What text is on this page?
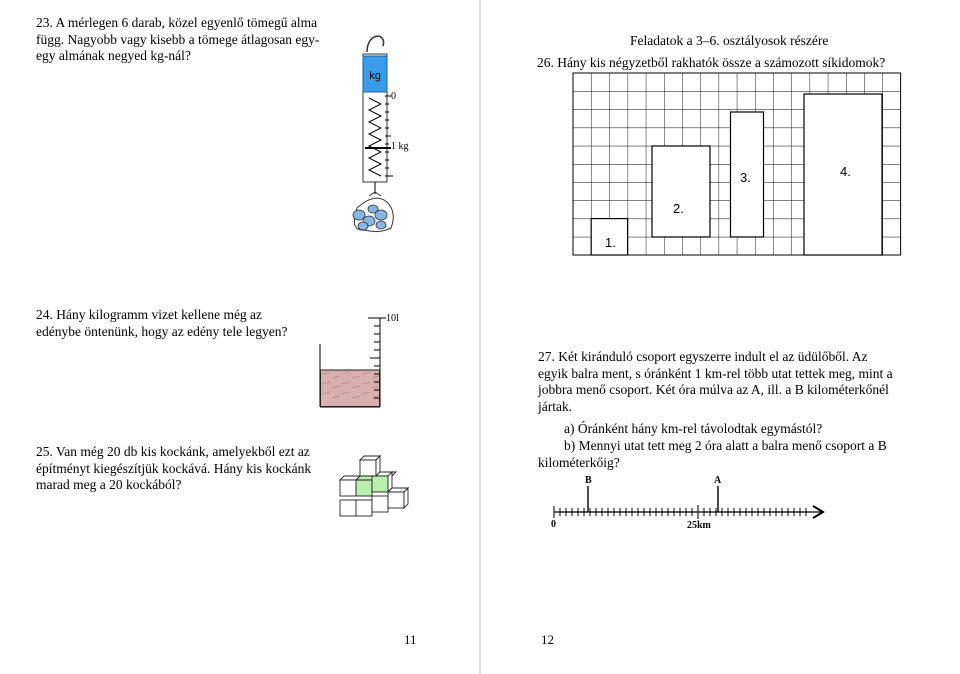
23. A mérlegen 6 darab, közel egyenlő tömegű alma
függ. Nagyobb vagy kisebb a tömege átlagosan egy-
egy almának negyed kg-nál?
kg
0
1 kg
24. Hány kilogramm vizet kellene még az
edénybe öntenünk, hogy az edény tele legyen?
10l
25. Van még 20 db kis kockánk, amelyekből ezt az
építményt kiegészítjük kockává. Hány kis kockánk
marad meg a 20 kockából?
11
Feladatok a 3–6. osztályosok részére
26. Hány kis négyzetből rakhatók össze a számozott síkidomok?
1.
2.
3.	4.
27. Két kiránduló csoport egyszerre indult el az üdülőből. Az
egyik balra ment, s óránként 1 km-rel több utat tettek meg, mint a
jobbra menő csoport. Két óra múlva az A, ill. a B kilométerkőnél
jártak.
a) Óránként hány km-rel távolodtak egymástól?
b) Mennyi utat tett meg 2 óra alatt a balra menő csoport a B
kilométerkőig?
B	A
0	25km
12
